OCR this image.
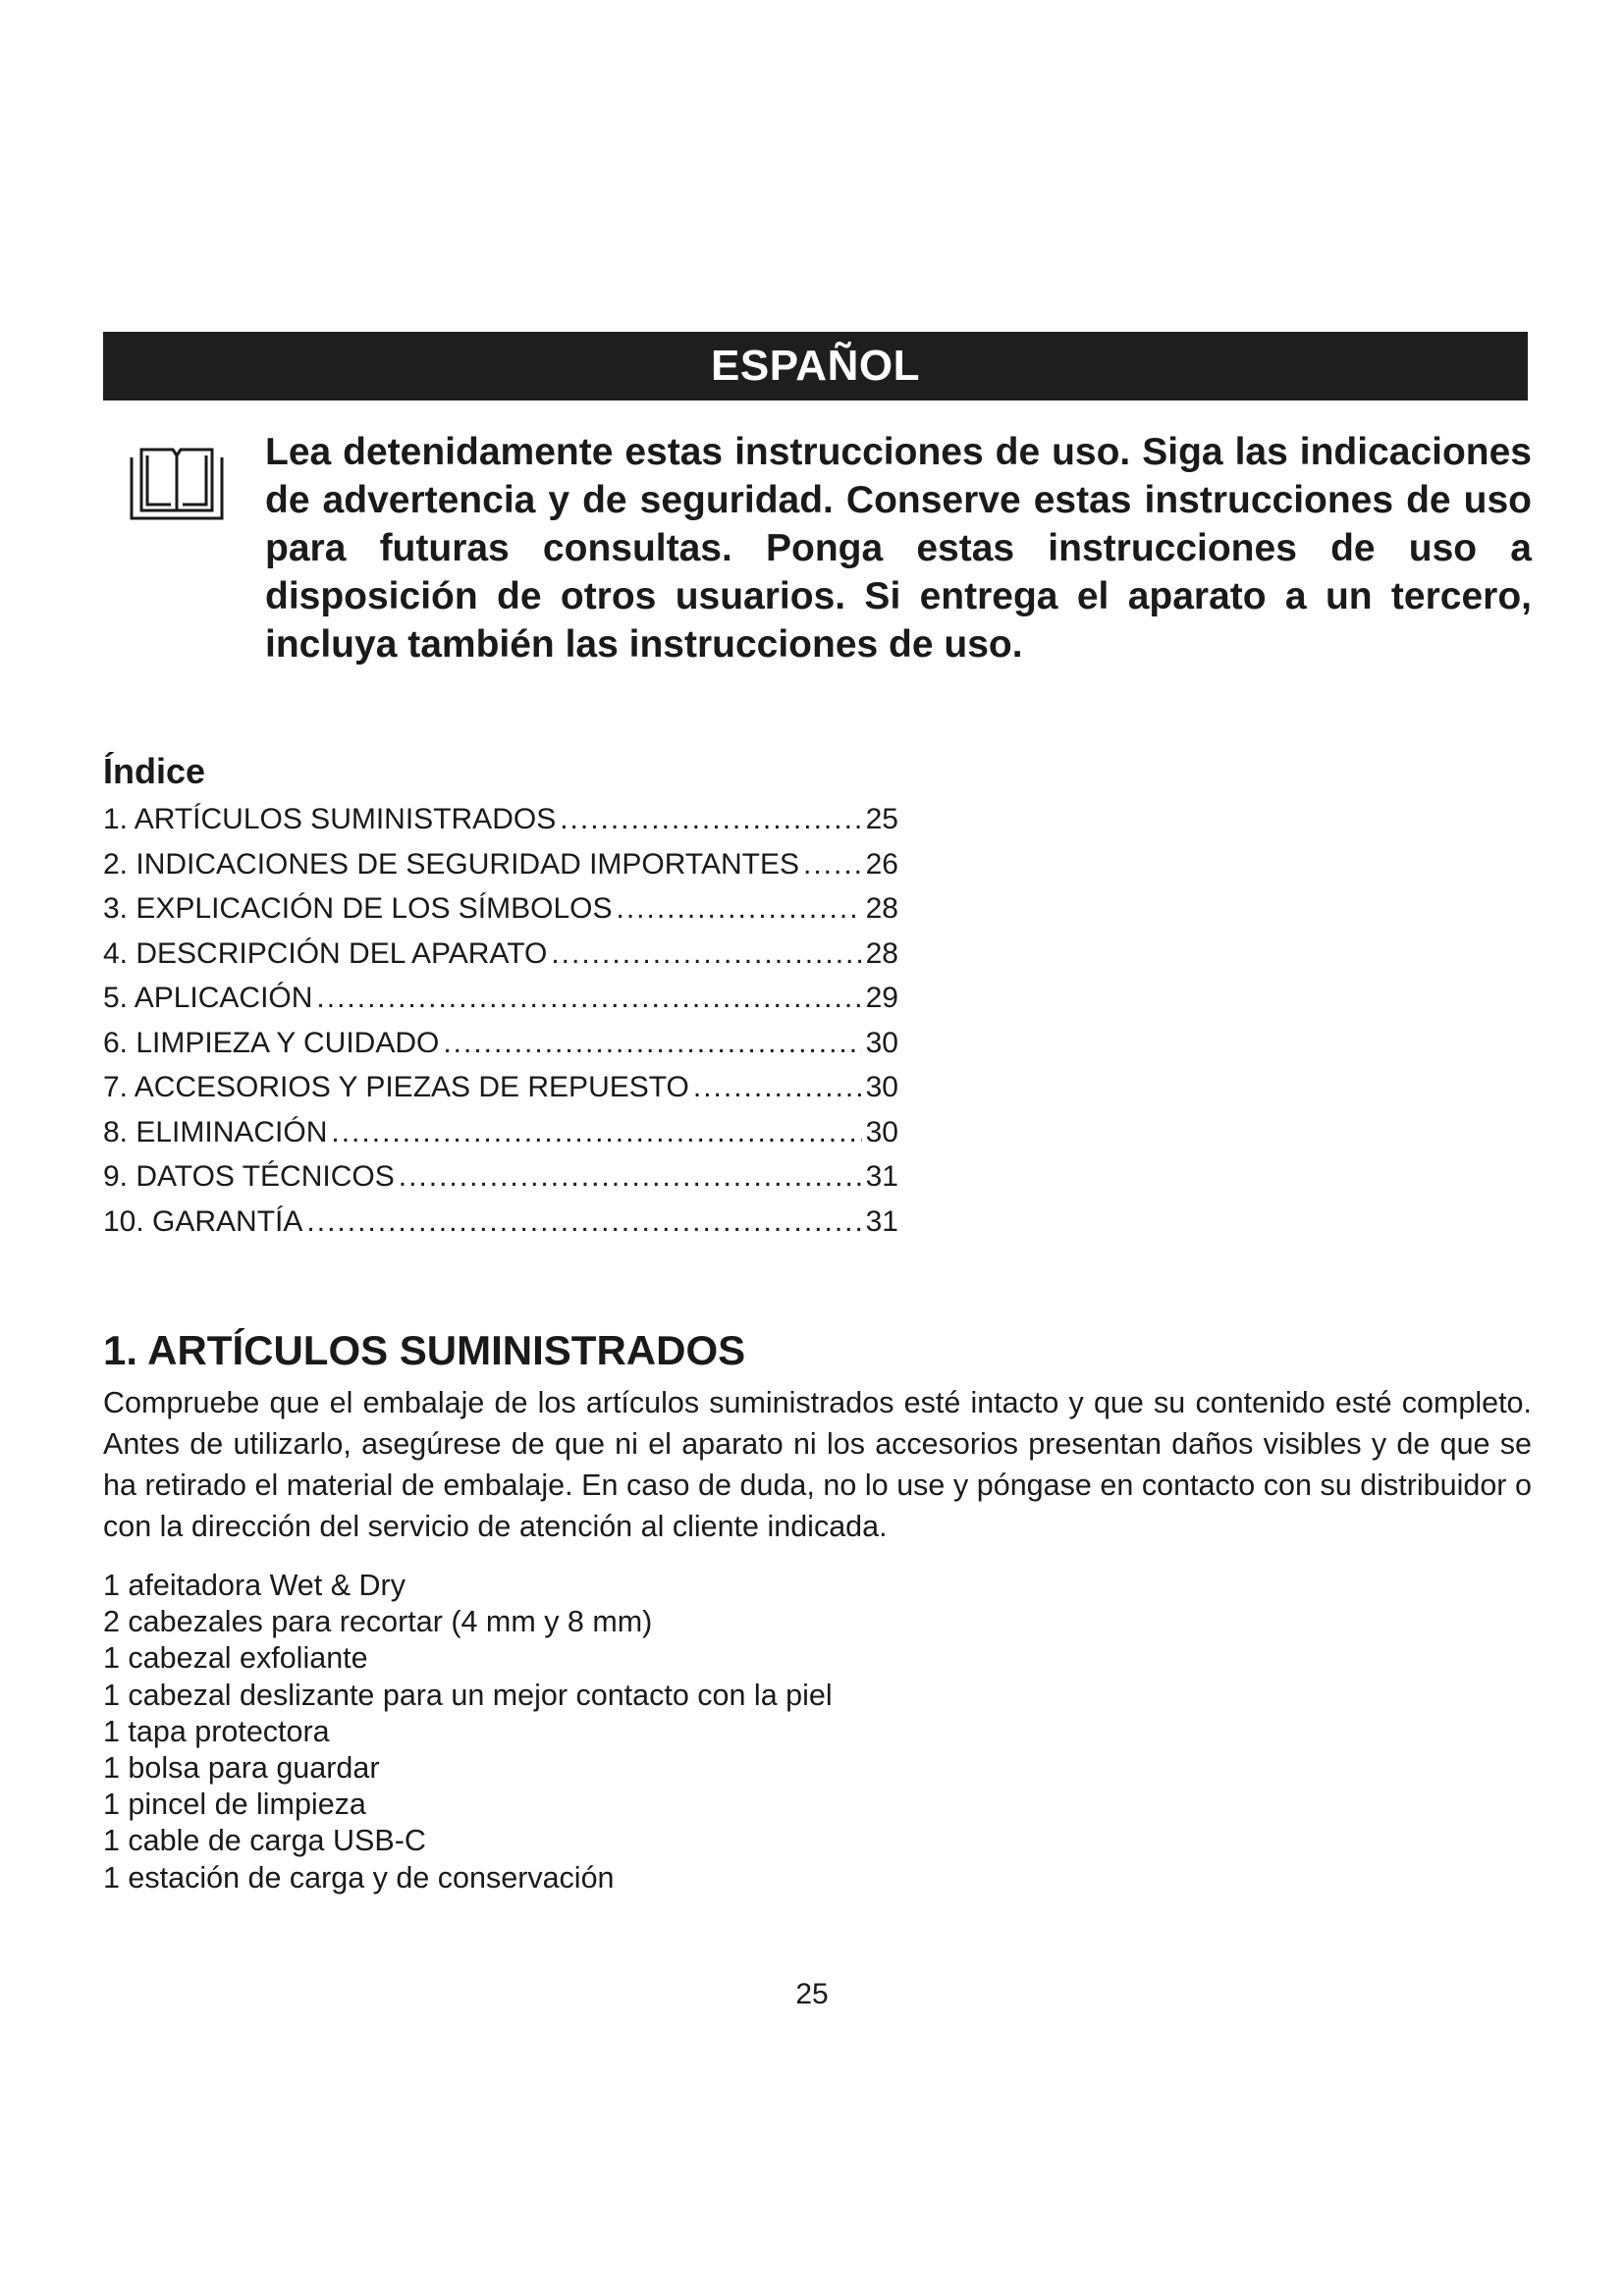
ESPAÑOL

Lea detenidamente estas instrucciones de uso. Siga las indicaciones de advertencia y de seguridad. Conserve estas instrucciones de uso para futuras consultas. Ponga estas instrucciones de uso a disposición de otros usuarios. Si entrega el aparato a un tercero, incluya también las instrucciones de uso.

Índice
1. ARTÍCULOS SUMINISTRADOS .....	25
2. INDICACIONES DE SEGURIDAD IMPORTANTES ..... 26
3. EXPLICACIÓN DE LOS SÍMBOLOS .....	28
4. DESCRIPCIÓN DEL APARATO .....	28
5. APLICACIÓN .....	29
6. LIMPIEZA Y CUIDADO .....	30
7. ACCESORIOS Y PIEZAS DE REPUESTO .....	30
8. ELIMINACIÓN .....	30
9. DATOS TÉCNICOS .....	31
10. GARANTÍA .....	31
1. ARTÍCULOS SUMINISTRADOS

Compruebe que el embalaje de los artículos suministrados esté intacto y que su contenido esté completo. Antes de utilizarlo, asegúrese de que ni el aparato ni los accesorios presentan daños visibles y de que se ha retirado el material de embalaje. En caso de duda, no lo use y póngase en contacto con su distribuidor o con la dirección del servicio de atención al cliente indicada.

1 afeitadora Wet & Dry
2 cabezales para recortar (4 mm y 8 mm)
1 cabezal exfoliante
1 cabezal deslizante para un mejor contacto con la piel
1 tapa protectora
1 bolsa para guardar
1 pincel de limpieza
1 cable de carga USB-C
1 estación de carga y de conservación
25
